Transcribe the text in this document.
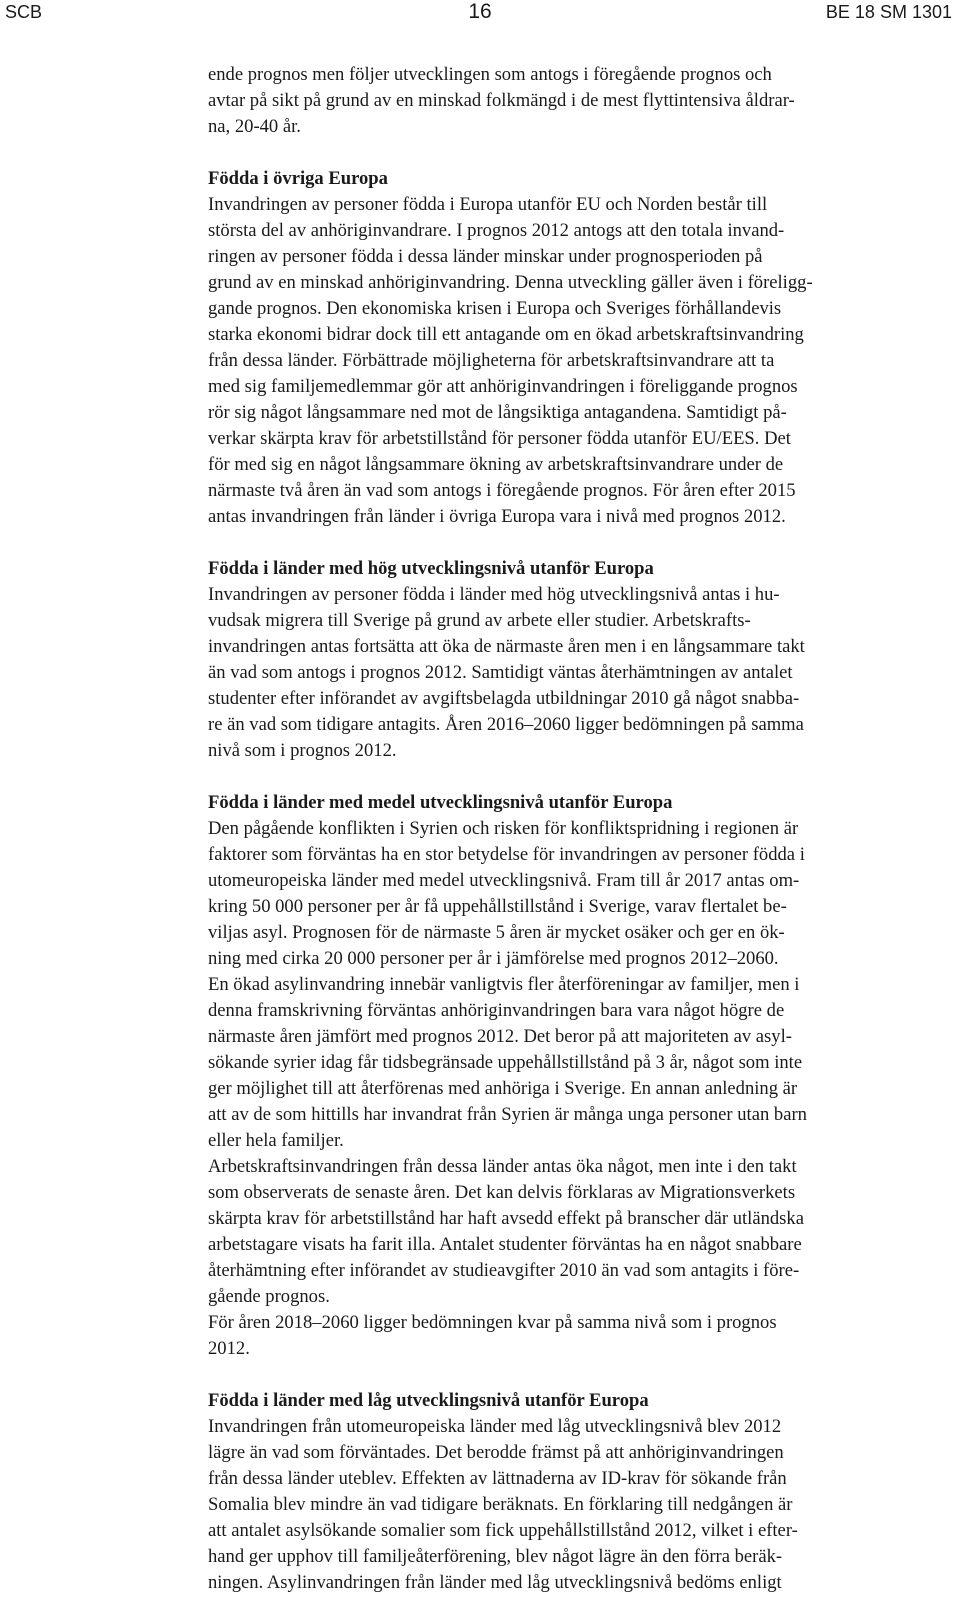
16
SCB	BE 18 SM 1301

ende prognos men följer utvecklingen som antogs i föregående prognos och
avtar på sikt på grund av en minskad folkmängd i de mest flyttintensiva åldrar-
na, 20-40 år.

Födda i övriga Europa

Invandringen av personer födda i Europa utanför EU och Norden består till
största del av anhöriginvandrare. I prognos 2012 antogs att den totala invand-
ringen av personer födda i dessa länder minskar under prognosperioden på
grund av en minskad anhöriginvandring. Denna utveckling gäller även i föreligg-
gande prognos. Den ekonomiska krisen i Europa och Sveriges förhållandevis
starka ekonomi bidrar dock till ett antagande om en ökad arbetskraftsinvandring
från dessa länder. Förbättrade möjligheterna för arbetskraftsinvandrare att ta
med sig familjemedlemmar gör att anhöriginvandringen i föreliggande prognos
rör sig något långsammare ned mot de långsiktiga antagandena. Samtidigt på-
verkar skärpta krav för arbetstillstånd för personer födda utanför EU/EES. Det
för med sig en något långsammare ökning av arbetskraftsinvandrare under de
närmaste två åren än vad som antogs i föregående prognos. För åren efter 2015
antas invandringen från länder i övriga Europa vara i nivå med prognos 2012.

Födda i länder med hög utvecklingsnivå utanför Europa

Invandringen av personer födda i länder med hög utvecklingsnivå antas i hu-
vudsak migrera till Sverige på grund av arbete eller studier. Arbetskrafts-
invandringen antas fortsätta att öka de närmaste åren men i en långsammare takt
än vad som antogs i prognos 2012. Samtidigt väntas återhämtningen av antalet
studenter efter införandet av avgiftsbelagda utbildningar 2010 gå något snabba-
re än vad som tidigare antagits. Åren 2016–2060 ligger bedömningen på samma
nivå som i prognos 2012.

Födda i länder med medel utvecklingsnivå utanför Europa

Den pågående konflikten i Syrien och risken för konfliktspridning i regionen är
faktorer som förväntas ha en stor betydelse för invandringen av personer födda i
utomeuropeiska länder med medel utvecklingsnivå. Fram till år 2017 antas om-
kring 50 000 personer per år få uppehållstillstånd i Sverige, varav flertalet be-
viljas asyl. Prognosen för de närmaste 5 åren är mycket osäker och ger en ök-
ning med cirka 20 000 personer per år i jämförelse med prognos 2012–2060.

En ökad asylinvandring innebär vanligtvis fler återföreningar av familjer, men i
denna framskrivning förväntas anhöriginvandringen bara vara något högre de
närmaste åren jämfört med prognos 2012. Det beror på att majoriteten av asyl-
sökande syrier idag får tidsbegränsade uppehållstillstånd på 3 år, något som inte
ger möjlighet till att återförenas med anhöriga i Sverige. En annan anledning är
att av de som hittills har invandrat från Syrien är många unga personer utan barn
eller hela familjer.

Arbetskraftsinvandringen från dessa länder antas öka något, men inte i den takt
som observerats de senaste åren. Det kan delvis förklaras av Migrationsverkets
skärpta krav för arbetstillstånd har haft avsedd effekt på branscher där utländska
arbetstagare visats ha farit illa. Antalet studenter förväntas ha en något snabbare
återhämtning efter införandet av studieavgifter 2010 än vad som antagits i före-
gående prognos.

För åren 2018–2060 ligger bedömningen kvar på samma nivå som i prognos
2012.

Födda i länder med låg utvecklingsnivå utanför Europa

Invandringen från utomeuropeiska länder med låg utvecklingsnivå blev 2012
lägre än vad som förväntades. Det berodde främst på att anhöriginvandringen
från dessa länder uteblev. Effekten av lättnaderna av ID-krav för sökande från
Somalia blev mindre än vad tidigare beräknats. En förklaring till nedgången är
att antalet asylsökande somalier som fick uppehållstillstånd 2012, vilket i efter-
hand ger upphov till familjeåterförening, blev något lägre än den förra beräk-
ningen. Asylinvandringen från länder med låg utvecklingsnivå bedöms enligt
